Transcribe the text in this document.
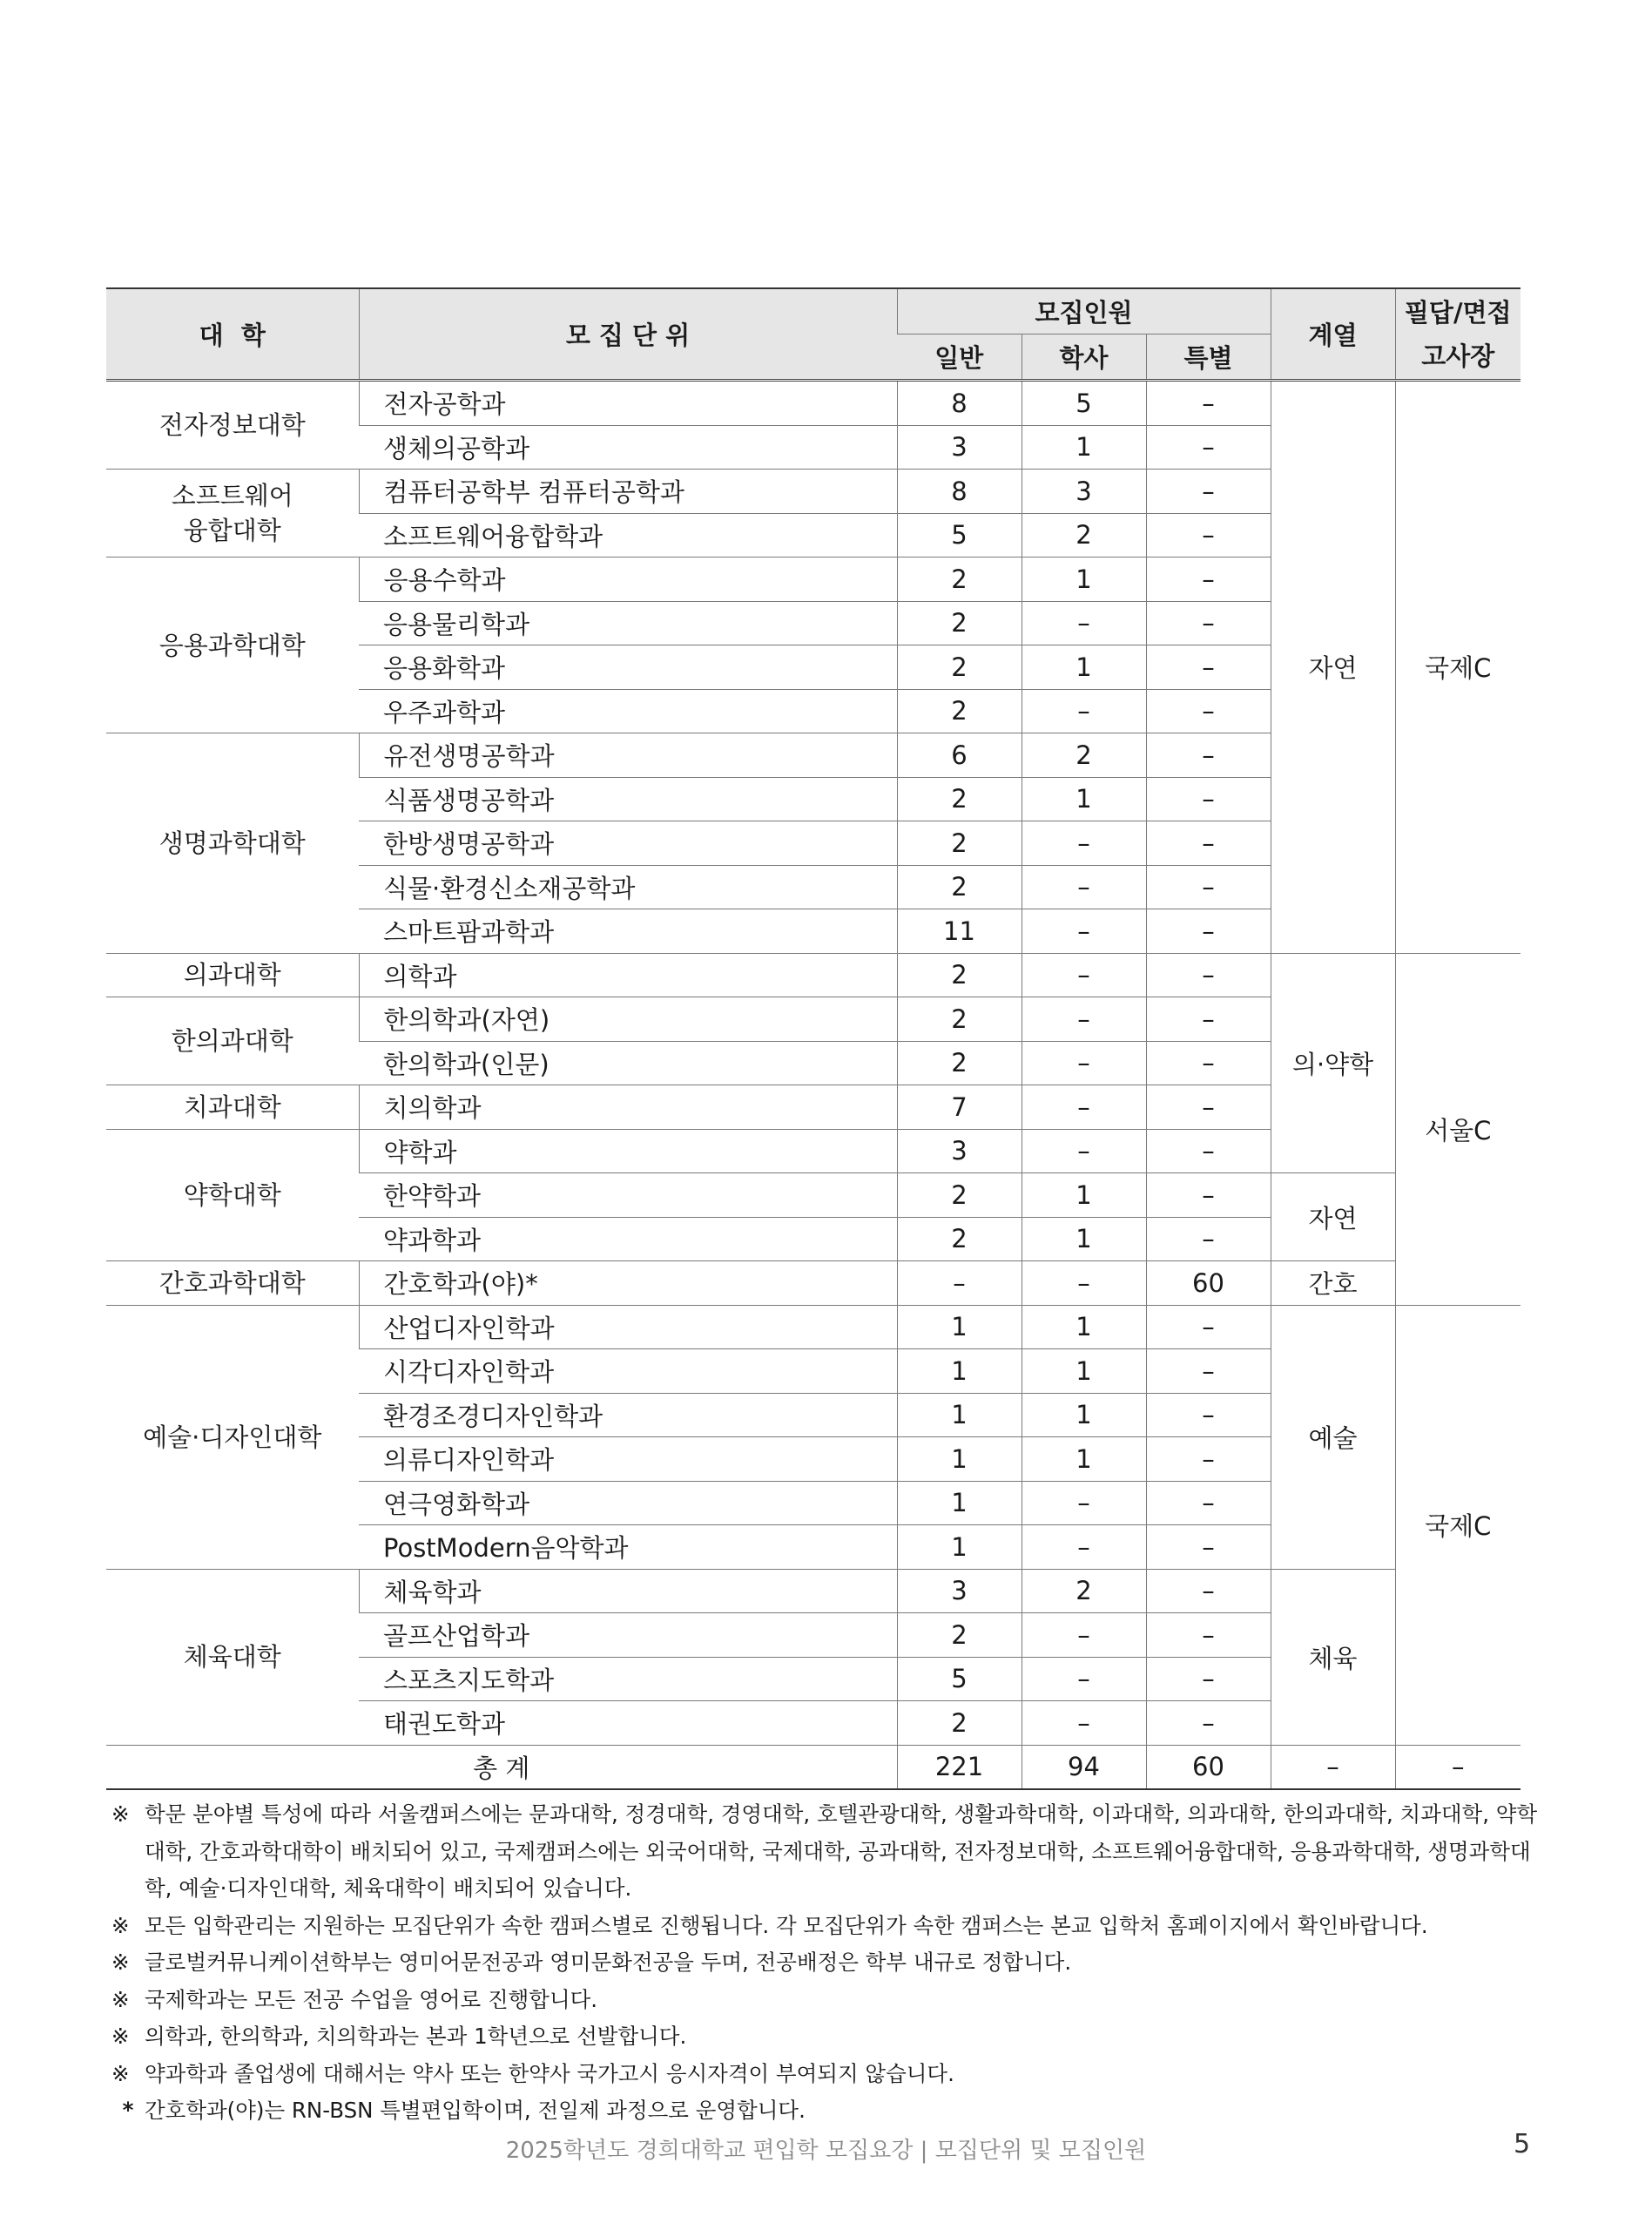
대  학	모 집 단 위	모집인원			계열	필답/면접
고사장
		일반	학사	특별		
전자정보대학	전자공학과	8	5	–	자연	국제C
	생체의공학과	3	1	–		
소프트웨어
융합대학	컴퓨터공학부 컴퓨터공학과	8	3	–		
	소프트웨어융합학과	5	2	–		
응용과학대학	응용수학과	2	1	–		
	응용물리학과	2	–	–		
	응용화학과	2	1	–		
	우주과학과	2	–	–		
생명과학대학	유전생명공학과	6	2	–		
	식품생명공학과	2	1	–		
	한방생명공학과	2	–	–		
	식물·환경신소재공학과	2	–	–		
	스마트팜과학과	11	–	–		
의과대학	의학과	2	–	–	의·약학	서울C
한의과대학	한의학과(자연)	2	–	–		
	한의학과(인문)	2	–	–		
치과대학	치의학과	7	–	–		
약학대학	약학과	3	–	–		
	한약학과	2	1	–	자연	
	약과학과	2	1	–		
간호과학대학	간호학과(야)*	–	–	60	간호	
예술·디자인대학	산업디자인학과	1	1	–	예술	국제C
	시각디자인학과	1	1	–		
	환경조경디자인학과	1	1	–		
	의류디자인학과	1	1	–		
	연극영화학과	1	–	–		
	PostModern음악학과	1	–	–		
체육대학	체육학과	3	2	–	체육	
	골프산업학과	2	–	–		
	스포츠지도학과	5	–	–		
	태권도학과	2	–	–		
총 계		221	94	60	–	–
※ 학문 분야별 특성에 따라 서울캠퍼스에는 문과대학, 정경대학, 경영대학, 호텔관광대학, 생활과학대학, 이과대학, 의과대학, 한의과대학, 치과대학, 약학대학, 간호과학대학이 배치되어 있고, 국제캠퍼스에는 외국어대학, 국제대학, 공과대학, 전자정보대학, 소프트웨어융합대학, 응용과학대학, 생명과학대학, 예술·디자인대학, 체육대학이 배치되어 있습니다.
※ 모든 입학관리는 지원하는 모집단위가 속한 캠퍼스별로 진행됩니다. 각 모집단위가 속한 캠퍼스는 본교 입학처 홈페이지에서 확인바랍니다.
※ 글로벌커뮤니케이션학부는 영미어문전공과 영미문화전공을 두며, 전공배정은 학부 내규로 정합니다.
※ 국제학과는 모든 전공 수업을 영어로 진행합니다.
※ 의학과, 한의학과, 치의학과는 본과 1학년으로 선발합니다.
※ 약과학과 졸업생에 대해서는 약사 또는 한약사 국가고시 응시자격이 부여되지 않습니다.
* 간호학과(야)는 RN-BSN 특별편입학이며, 전일제 과정으로 운영합니다.
2025학년도 경희대학교 편입학 모집요강 | 모집단위 및 모집인원	5
